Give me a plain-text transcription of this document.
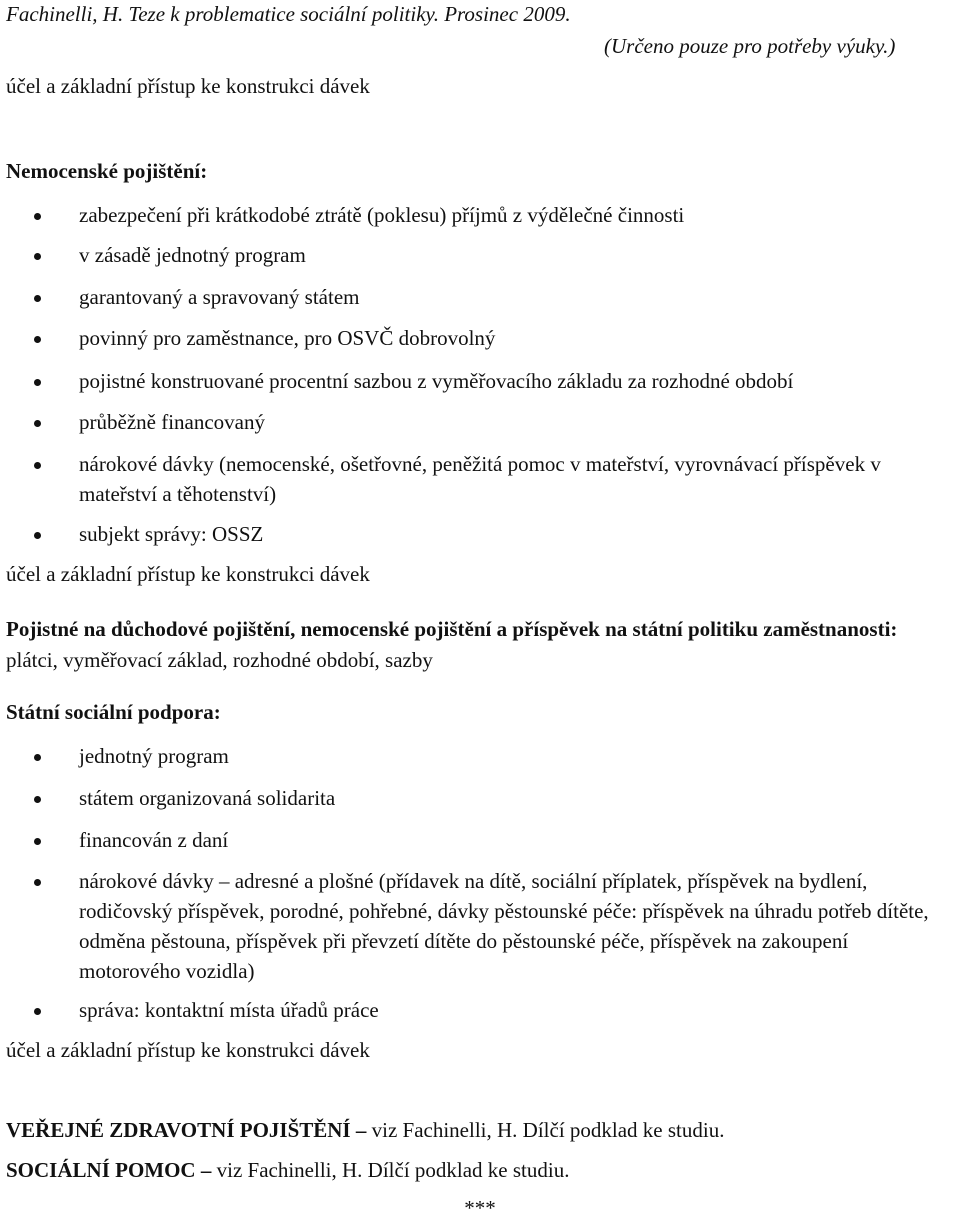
Fachinelli, H. Teze k problematice sociální politiky. Prosinec 2009.
(Určeno pouze pro potřeby výuky.)
účel a základní přístup ke konstrukci dávek
Nemocenské pojištění:
zabezpečení při krátkodobé ztrátě (poklesu) příjmů z výdělečné činnosti
v zásadě jednotný program
garantovaný a spravovaný státem
povinný pro zaměstnance, pro OSVČ dobrovolný
pojistné konstruované procentní sazbou z vyměřovacího základu za rozhodné období
průběžně financovaný
nárokové dávky (nemocenské, ošetřovné, peněžitá pomoc v mateřství, vyrovnávací příspěvek v mateřství a těhotenství)
subjekt správy: OSSZ
účel a základní přístup ke konstrukci dávek
Pojistné na důchodové pojištění, nemocenské pojištění a příspěvek na státní politiku zaměstnanosti: plátci, vyměřovací základ, rozhodné období, sazby
Státní sociální podpora:
jednotný program
státem organizovaná solidarita
financován z daní
nárokové dávky – adresné a plošné (přídavek na dítě, sociální příplatek, příspěvek na bydlení, rodičovský příspěvek, porodné, pohřebné, dávky pěstounské péče: příspěvek na úhradu potřeb dítěte, odměna pěstouna, příspěvek při převzetí dítěte do pěstounské péče, příspěvek na zakoupení motorového vozidla)
správa: kontaktní místa úřadů práce
účel a základní přístup ke konstrukci dávek
VEŘEJNÉ ZDRAVOTNÍ POJIŠTĚNÍ – viz Fachinelli, H. Dílčí podklad ke studiu.
SOCIÁLNÍ POMOC – viz Fachinelli, H. Dílčí podklad ke studiu.
***
